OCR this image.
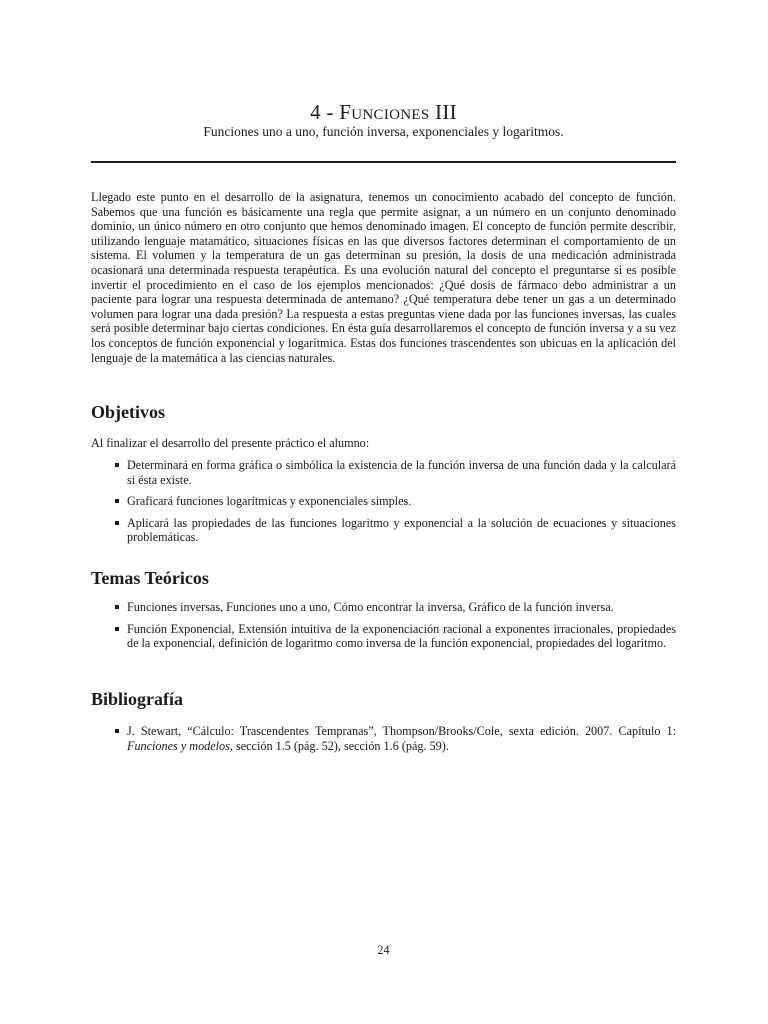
4 - Funciones III
Funciones uno a uno, función inversa, exponenciales y logaritmos.

Llegado este punto en el desarrollo de la asignatura, tenemos un conocimiento acabado del concepto de función. Sabemos que una función es básicamente una regla que permite asignar, a un número en un conjunto denominado dominio, un único número en otro conjunto que hemos denominado imagen. El concepto de función permite describir, utilizando lenguaje matamático, situaciones físicas en las que diversos factores determinan el comportamiento de un sistema. El volumen y la temperatura de un gas determinan su presión, la dosis de una medicación administrada ocasionará una determinada respuesta terapéutica. Es una evolución natural del concepto el preguntarse si es posible invertir el procedimiento en el caso de los ejemplos mencionados: ¿Qué dosis de fármaco debo administrar a un paciente para lograr una respuesta determinada de antemano? ¿Qué temperatura debe tener un gas a un determinado volumen para lograr una dada presión? La respuesta a estas preguntas viene dada por las funciones inversas, las cuales será posible determinar bajo ciertas condiciones. En ésta guía desarrollaremos el concepto de función inversa y a su vez los conceptos de función exponencial y logarítmica. Estas dos funciones trascendentes son ubicuas en la aplicación del lenguaje de la matemática a las ciencias naturales.

Objetivos

Al finalizar el desarrollo del presente práctico el alumno:

Determinará en forma gráfica o simbólica la existencia de la función inversa de una función dada y la calculará si ésta existe.
Graficará funciones logarítmicas y exponenciales simples.
Aplicará las propiedades de las funciones logaritmo y exponencial a la solución de ecuaciones y situaciones problemáticas.
Temas Teóricos
Funciones inversas, Funciones uno a uno, Cómo encontrar la inversa, Gráfico de la función inversa.
Función Exponencial, Extensión intuitiva de la exponenciación racional a exponentes irracionales, propiedades de la exponencial, definición de logaritmo como inversa de la función exponencial, propiedades del logaritmo.
Bibliografía
J. Stewart, “Cálculo: Trascendentes Tempranas”, Thompson/Brooks/Cole, sexta edición. 2007. Capítulo 1: Funciones y modelos, sección 1.5 (pág. 52), sección 1.6 (pág. 59).
24
